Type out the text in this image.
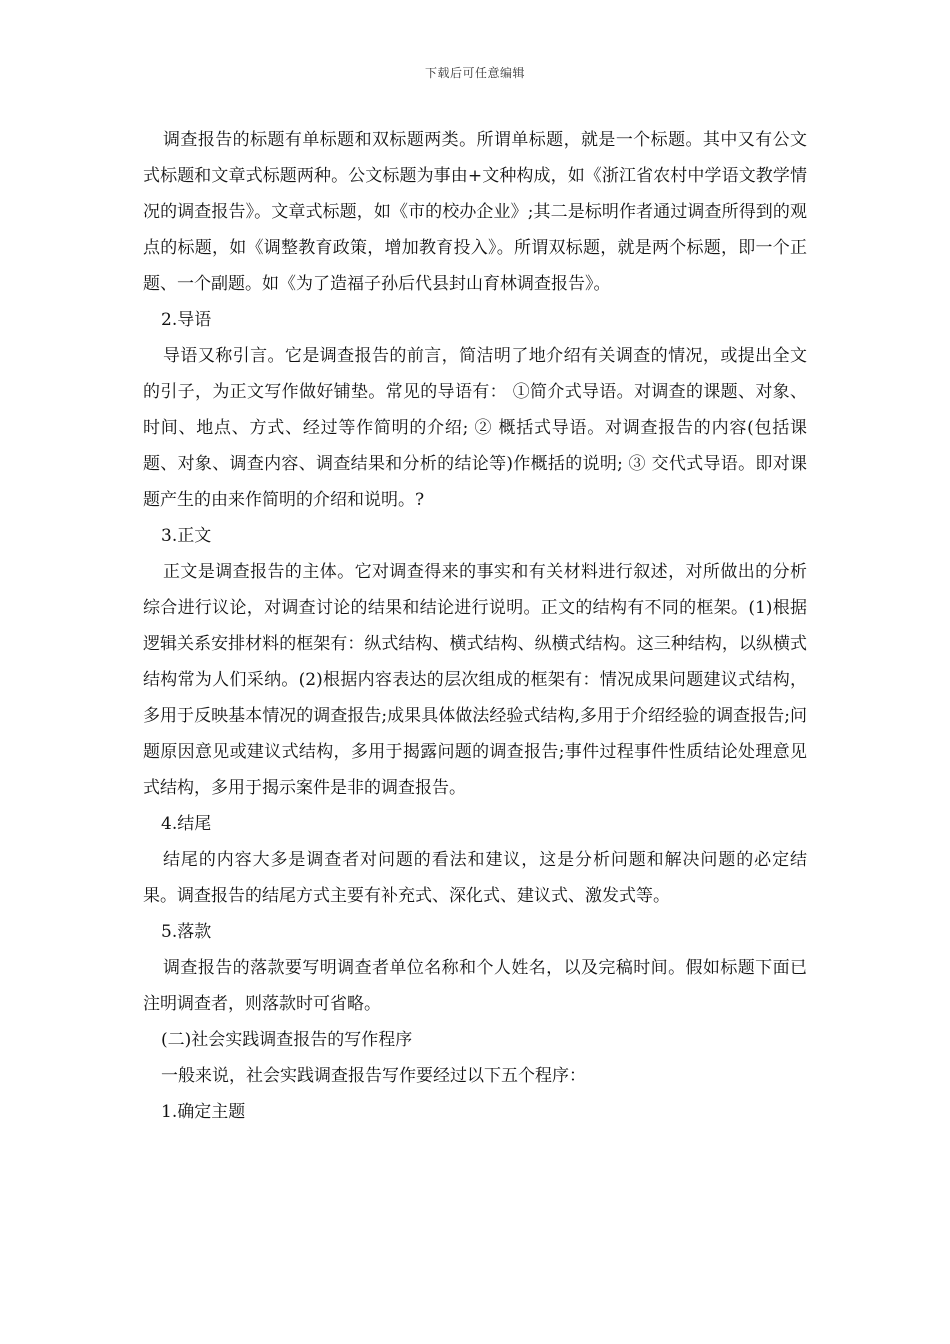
下载后可任意编辑

调查报告的标题有单标题和双标题两类。所谓单标题，就是一个标题。其中又有公文式标题和文章式标题两种。公文标题为事由+文种构成，如《浙江省农村中学语文教学情况的调查报告》。文章式标题，如《市的校办企业》;其二是标明作者通过调查所得到的观点的标题，如《调整教育政策，增加教育投入》。所谓双标题，就是两个标题，即一个正题、一个副题。如《为了造福子孙后代县封山育林调查报告》。

2.导语

导语又称引言。它是调查报告的前言，简洁明了地介绍有关调查的情况，或提出全文的引子，为正文写作做好铺垫。常见的导语有： ①简介式导语。对调查的课题、对象、时间、地点、方式、经过等作简明的介绍; ② 概括式导语。对调查报告的内容(包括课题、对象、调查内容、调查结果和分析的结论等)作概括的说明; ③ 交代式导语。即对课题产生的由来作简明的介绍和说明。?

3.正文

正文是调查报告的主体。它对调查得来的事实和有关材料进行叙述，对所做出的分析综合进行议论，对调查讨论的结果和结论进行说明。正文的结构有不同的框架。(1)根据逻辑关系安排材料的框架有：纵式结构、横式结构、纵横式结构。这三种结构，以纵横式结构常为人们采纳。(2)根据内容表达的层次组成的框架有：情况成果问题建议式结构，多用于反映基本情况的调查报告;成果具体做法经验式结构,多用于介绍经验的调查报告;问题原因意见或建议式结构，多用于揭露问题的调查报告;事件过程事件性质结论处理意见式结构，多用于揭示案件是非的调查报告。

4.结尾

结尾的内容大多是调查者对问题的看法和建议，这是分析问题和解决问题的必定结果。调查报告的结尾方式主要有补充式、深化式、建议式、激发式等。

5.落款

调查报告的落款要写明调查者单位名称和个人姓名，以及完稿时间。假如标题下面已注明调查者，则落款时可省略。

(二)社会实践调查报告的写作程序

一般来说，社会实践调查报告写作要经过以下五个程序：

1.确定主题
